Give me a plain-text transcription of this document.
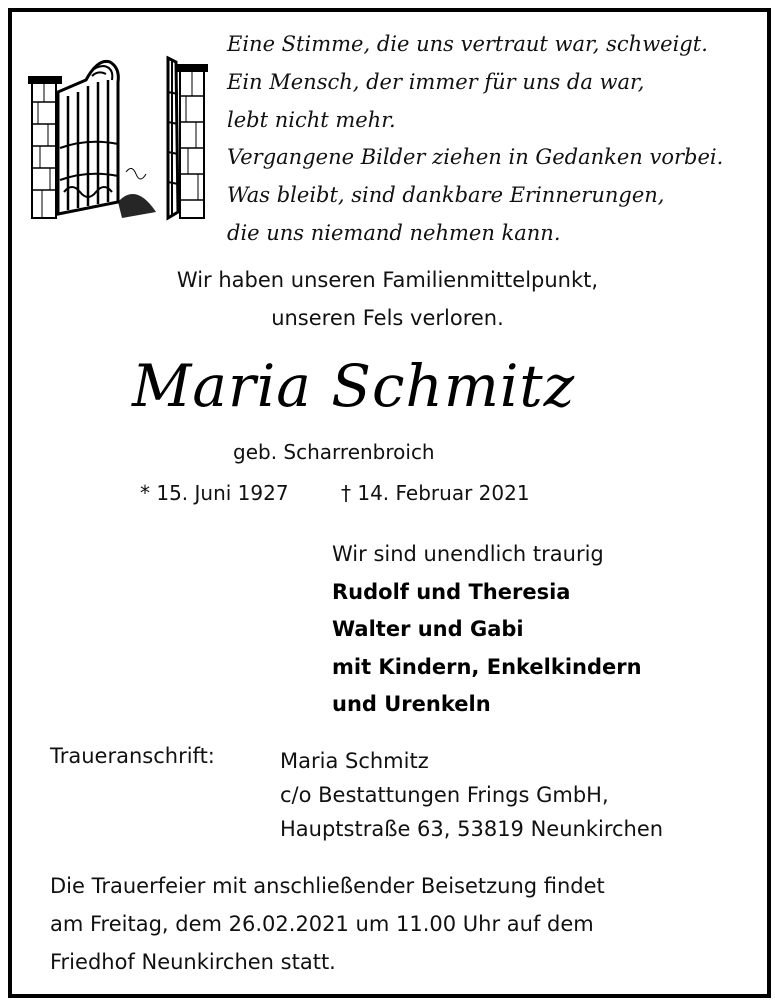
Eine Stimme, die uns vertraut war, schweigt.
Ein Mensch, der immer für uns da war,
lebt nicht mehr.
Vergangene Bilder ziehen in Gedanken vorbei.
Was bleibt, sind dankbare Erinnerungen,
die uns niemand nehmen kann.
Wir haben unseren Familienmittelpunkt,
unseren Fels verloren.
Maria Schmitz
geb. Scharrenbroich
* 15. Juni 1927	† 14. Februar 2021
Wir sind unendlich traurig
Rudolf und Theresia
Walter und Gabi
mit Kindern, Enkelkindern
und Urenkeln
Traueranschrift:	Maria Schmitz
c/o Bestattungen Frings GmbH,
Hauptstraße 63, 53819 Neunkirchen
Die Trauerfeier mit anschließender Beisetzung findet
am Freitag, dem 26.02.2021 um 11.00 Uhr auf dem
Friedhof Neunkirchen statt.
